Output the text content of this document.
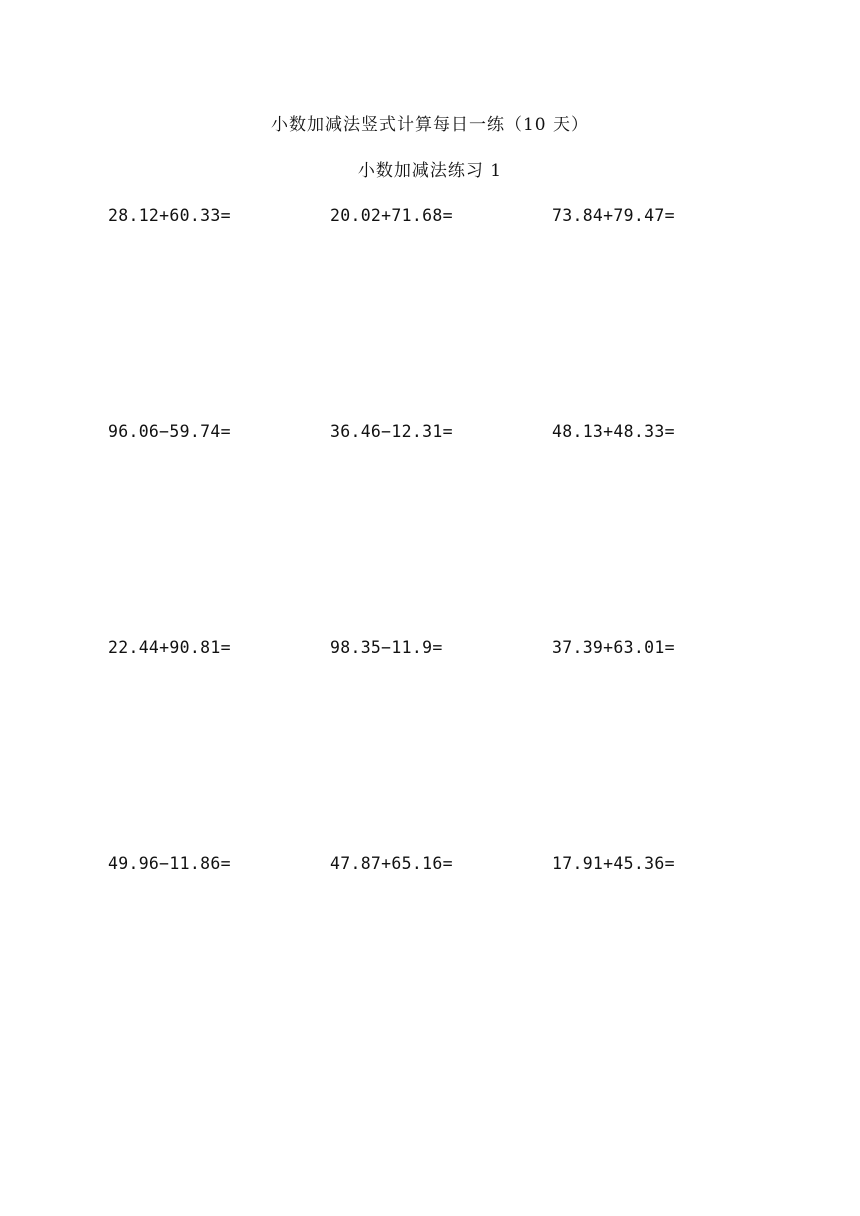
小数加减法竖式计算每日一练（10 天）
小数加减法练习 1
28.12+60.33=	20.02+71.68=	73.84+79.47=
96.06−59.74=	36.46−12.31=	48.13+48.33=
22.44+90.81=	98.35−11.9=	37.39+63.01=
49.96−11.86=	47.87+65.16=	17.91+45.36=
